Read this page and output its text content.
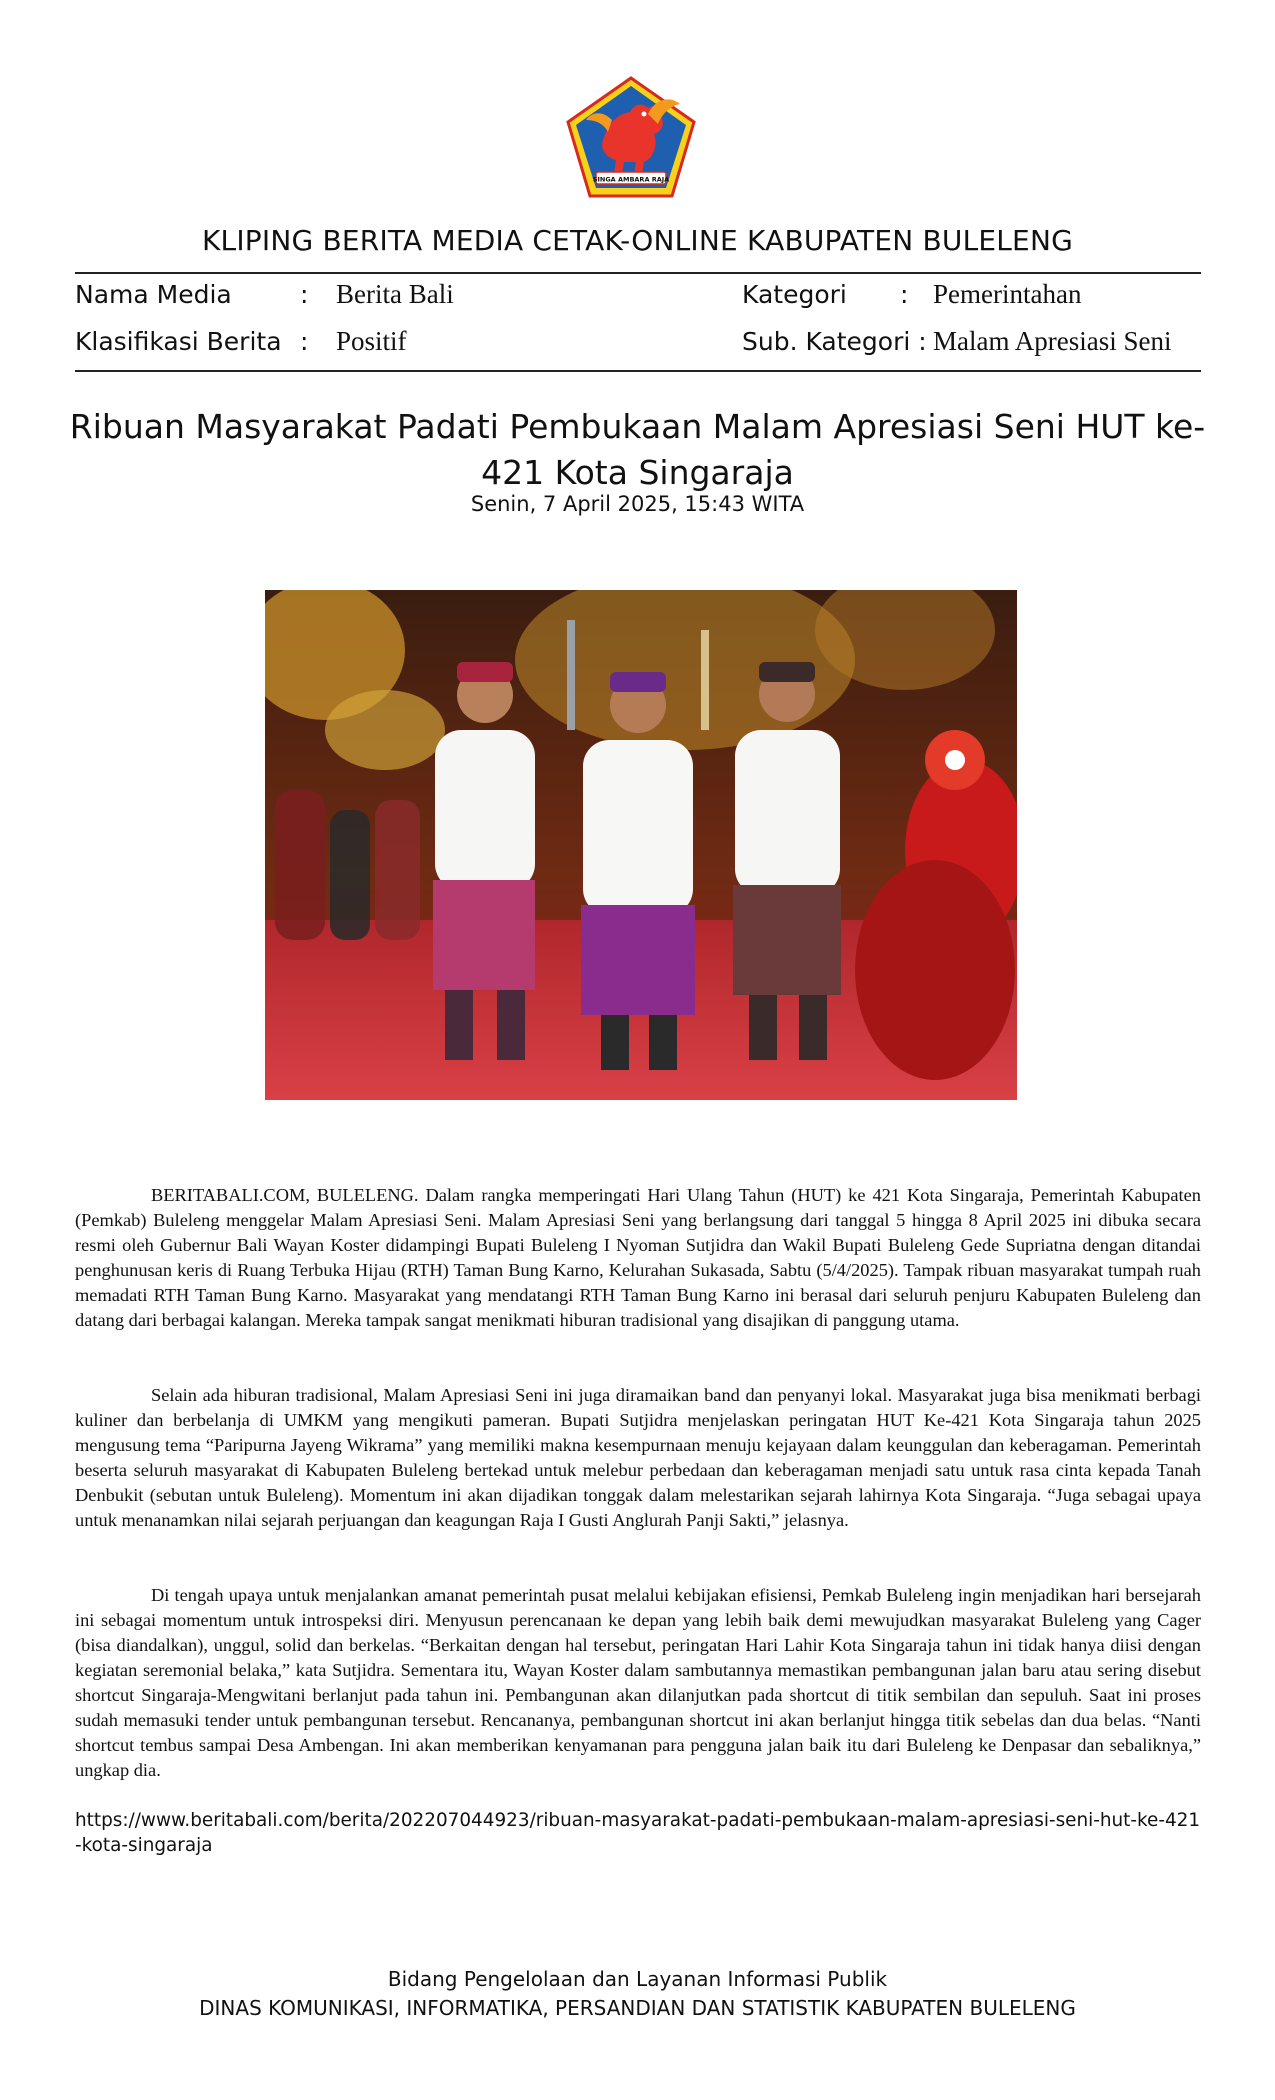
SINGA AMBARA RAJA
KLIPING BERITA MEDIA CETAK-ONLINE KABUPATEN BULELENG
Nama Media	: Berita Bali	Kategori : Pemerintahan
Klasifikasi Berita : Positif	Sub. Kategori : Malam Apresiasi Seni
Ribuan Masyarakat Padati Pembukaan Malam Apresiasi Seni HUT ke-421 Kota Singaraja
Senin, 7 April 2025, 15:43 WITA

BERITABALI.COM, BULELENG. Dalam rangka memperingati Hari Ulang Tahun (HUT) ke 421 Kota Singaraja, Pemerintah Kabupaten (Pemkab) Buleleng menggelar Malam Apresiasi Seni. Malam Apresiasi Seni yang berlangsung dari tanggal 5 hingga 8 April 2025 ini dibuka secara resmi oleh Gubernur Bali Wayan Koster didampingi Bupati Buleleng I Nyoman Sutjidra dan Wakil Bupati Buleleng Gede Supriatna dengan ditandai penghunusan keris di Ruang Terbuka Hijau (RTH) Taman Bung Karno, Kelurahan Sukasada, Sabtu (5/4/2025). Tampak ribuan masyarakat tumpah ruah memadati RTH Taman Bung Karno. Masyarakat yang mendatangi RTH Taman Bung Karno ini berasal dari seluruh penjuru Kabupaten Buleleng dan datang dari berbagai kalangan. Mereka tampak sangat menikmati hiburan tradisional yang disajikan di panggung utama.

Selain ada hiburan tradisional, Malam Apresiasi Seni ini juga diramaikan band dan penyanyi lokal. Masyarakat juga bisa menikmati berbagi kuliner dan berbelanja di UMKM yang mengikuti pameran. Bupati Sutjidra menjelaskan peringatan HUT Ke-421 Kota Singaraja tahun 2025 mengusung tema “Paripurna Jayeng Wikrama” yang memiliki makna kesempurnaan menuju kejayaan dalam keunggulan dan keberagaman. Pemerintah beserta seluruh masyarakat di Kabupaten Buleleng bertekad untuk melebur perbedaan dan keberagaman menjadi satu untuk rasa cinta kepada Tanah Denbukit (sebutan untuk Buleleng). Momentum ini akan dijadikan tonggak dalam melestarikan sejarah lahirnya Kota Singaraja. “Juga sebagai upaya untuk menanamkan nilai sejarah perjuangan dan keagungan Raja I Gusti Anglurah Panji Sakti,” jelasnya.

Di tengah upaya untuk menjalankan amanat pemerintah pusat melalui kebijakan efisiensi, Pemkab Buleleng ingin menjadikan hari bersejarah ini sebagai momentum untuk introspeksi diri. Menyusun perencanaan ke depan yang lebih baik demi mewujudkan masyarakat Buleleng yang Cager (bisa diandalkan), unggul, solid dan berkelas. “Berkaitan dengan hal tersebut, peringatan Hari Lahir Kota Singaraja tahun ini tidak hanya diisi dengan kegiatan seremonial belaka,” kata Sutjidra. Sementara itu, Wayan Koster dalam sambutannya memastikan pembangunan jalan baru atau sering disebut shortcut Singaraja-Mengwitani berlanjut pada tahun ini. Pembangunan akan dilanjutkan pada shortcut di titik sembilan dan sepuluh. Saat ini proses sudah memasuki tender untuk pembangunan tersebut. Rencananya, pembangunan shortcut ini akan berlanjut hingga titik sebelas dan dua belas. “Nanti shortcut tembus sampai Desa Ambengan. Ini akan memberikan kenyamanan para pengguna jalan baik itu dari Buleleng ke Denpasar dan sebaliknya,” ungkap dia.

https://www.beritabali.com/berita/202207044923/ribuan-masyarakat-padati-pembukaan-malam-apresiasi-seni-hut-ke-421-kota-singaraja
Bidang Pengelolaan dan Layanan Informasi Publik
DINAS KOMUNIKASI, INFORMATIKA, PERSANDIAN DAN STATISTIK KABUPATEN BULELENG
